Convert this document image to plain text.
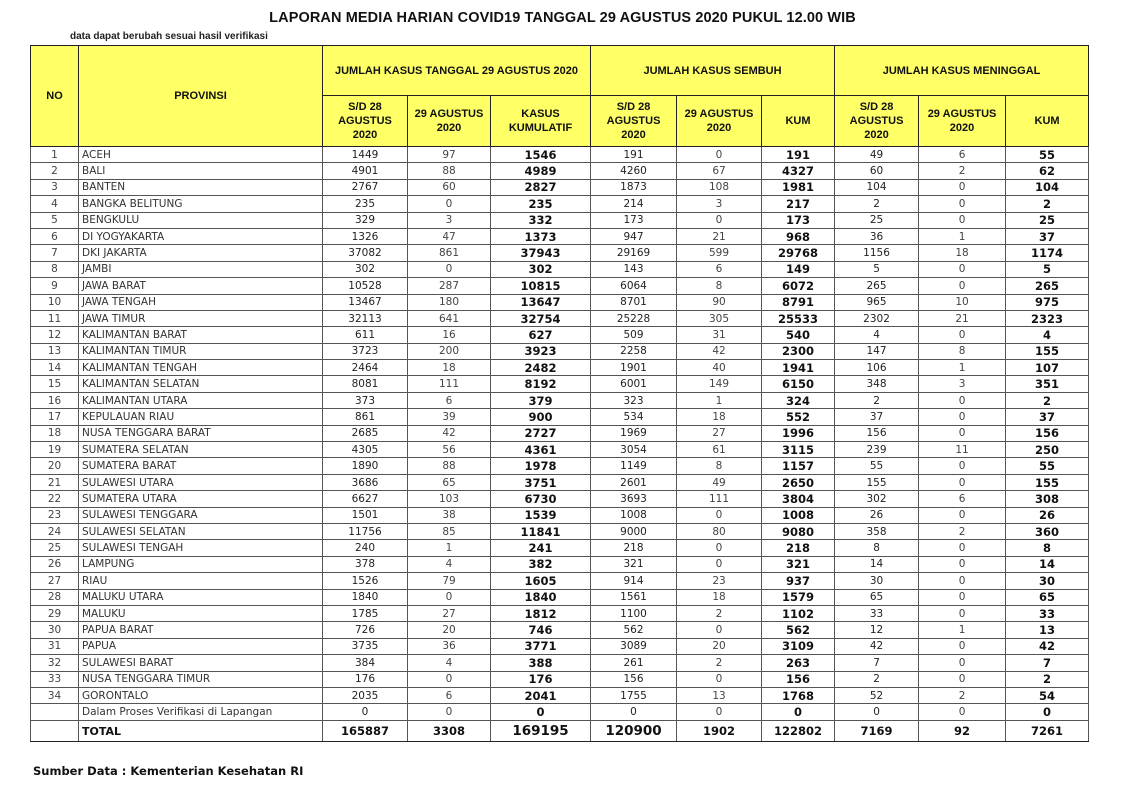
LAPORAN MEDIA HARIAN COVID19 TANGGAL 29 AGUSTUS 2020 PUKUL 12.00 WIB
data dapat berubah sesuai hasil verifikasi
NO	PROVINSI	JUMLAH KASUS TANGGAL 29 AGUSTUS 2020			JUMLAH KASUS SEMBUH			JUMLAH KASUS MENINGGAL		
		S/D 28 AGUSTUS 2020	29 AGUSTUS 2020	KASUS KUMULATIF	S/D 28 AGUSTUS 2020	29 AGUSTUS 2020	KUM	S/D 28 AGUSTUS 2020	29 AGUSTUS 2020	KUM
1	ACEH	1449	97	1546	191	0	191	49	6	55
2	BALI	4901	88	4989	4260	67	4327	60	2	62
3	BANTEN	2767	60	2827	1873	108	1981	104	0	104
4	BANGKA BELITUNG	235	0	235	214	3	217	2	0	2
5	BENGKULU	329	3	332	173	0	173	25	0	25
6	DI YOGYAKARTA	1326	47	1373	947	21	968	36	1	37
7	DKI JAKARTA	37082	861	37943	29169	599	29768	1156	18	1174
8	JAMBI	302	0	302	143	6	149	5	0	5
9	JAWA BARAT	10528	287	10815	6064	8	6072	265	0	265
10	JAWA TENGAH	13467	180	13647	8701	90	8791	965	10	975
11	JAWA TIMUR	32113	641	32754	25228	305	25533	2302	21	2323
12	KALIMANTAN BARAT	611	16	627	509	31	540	4	0	4
13	KALIMANTAN TIMUR	3723	200	3923	2258	42	2300	147	8	155
14	KALIMANTAN TENGAH	2464	18	2482	1901	40	1941	106	1	107
15	KALIMANTAN SELATAN	8081	111	8192	6001	149	6150	348	3	351
16	KALIMANTAN UTARA	373	6	379	323	1	324	2	0	2
17	KEPULAUAN RIAU	861	39	900	534	18	552	37	0	37
18	NUSA TENGGARA BARAT	2685	42	2727	1969	27	1996	156	0	156
19	SUMATERA SELATAN	4305	56	4361	3054	61	3115	239	11	250
20	SUMATERA BARAT	1890	88	1978	1149	8	1157	55	0	55
21	SULAWESI UTARA	3686	65	3751	2601	49	2650	155	0	155
22	SUMATERA UTARA	6627	103	6730	3693	111	3804	302	6	308
23	SULAWESI TENGGARA	1501	38	1539	1008	0	1008	26	0	26
24	SULAWESI SELATAN	11756	85	11841	9000	80	9080	358	2	360
25	SULAWESI TENGAH	240	1	241	218	0	218	8	0	8
26	LAMPUNG	378	4	382	321	0	321	14	0	14
27	RIAU	1526	79	1605	914	23	937	30	0	30
28	MALUKU UTARA	1840	0	1840	1561	18	1579	65	0	65
29	MALUKU	1785	27	1812	1100	2	1102	33	0	33
30	PAPUA BARAT	726	20	746	562	0	562	12	1	13
31	PAPUA	3735	36	3771	3089	20	3109	42	0	42
32	SULAWESI BARAT	384	4	388	261	2	263	7	0	7
33	NUSA TENGGARA TIMUR	176	0	176	156	0	156	2	0	2
34	GORONTALO	2035	6	2041	1755	13	1768	52	2	54
	Dalam Proses Verifikasi di Lapangan	0	0	0	0	0	0	0	0	0
	TOTAL	165887	3308	169195	120900	1902	122802	7169	92	7261
Sumber Data : Kementerian Kesehatan RI
